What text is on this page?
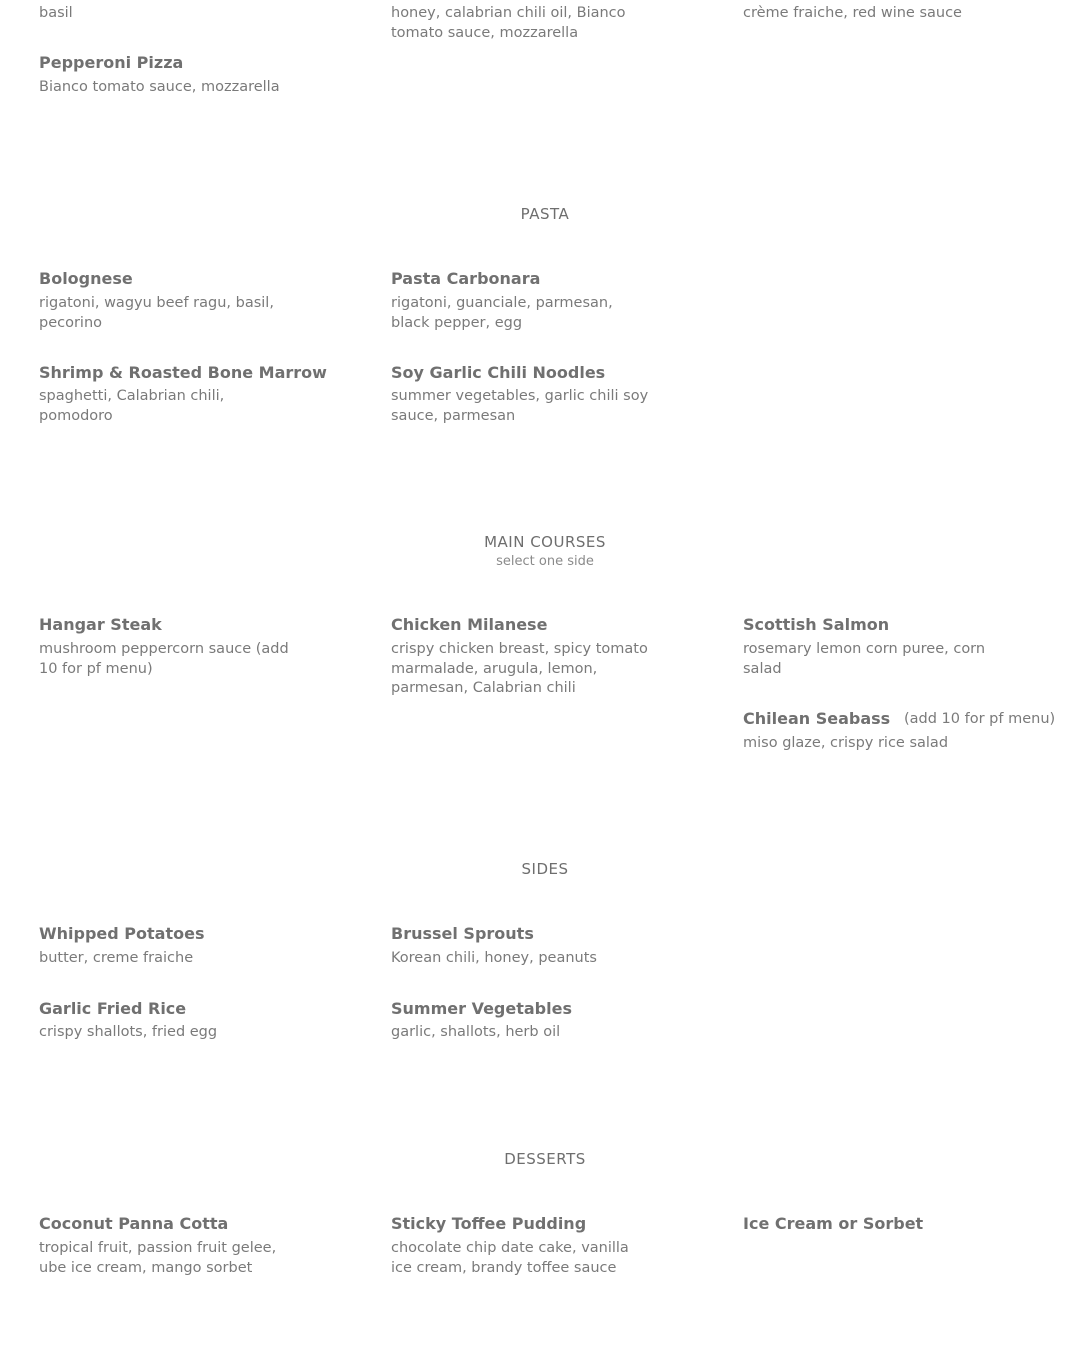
basil	honey, calabrian chili oil, Bianco
tomato sauce, mozzarella
crème fraiche, red wine sauce
Pepperoni Pizza
Bianco tomato sauce, mozzarella
PASTA
Bolognese
rigatoni, wagyu beef ragu, basil, pecorino
Pasta Carbonara
rigatoni, guanciale, parmesan, black pepper, egg
Shrimp & Roasted Bone Marrow
spaghetti, Calabrian chili, pomodoro
Soy Garlic Chili Noodles
summer vegetables, garlic chili soy sauce, parmesan
MAIN COURSES
select one side
Hangar Steak
mushroom peppercorn sauce (add 10 for pf menu)
Chicken Milanese
crispy chicken breast, spicy tomato marmalade, arugula, lemon, parmesan, Calabrian chili
Scottish Salmon
rosemary lemon corn puree, corn salad
Chilean Seabass (add 10 for pf menu)
miso glaze, crispy rice salad
SIDES
Whipped Potatoes
butter, creme fraiche
Brussel Sprouts
Korean chili, honey, peanuts
Garlic Fried Rice
crispy shallots, fried egg
Summer Vegetables
garlic, shallots, herb oil
DESSERTS
Coconut Panna Cotta
tropical fruit, passion fruit gelee, ube ice cream, mango sorbet
Sticky Toffee Pudding
chocolate chip date cake, vanilla ice cream, brandy toffee sauce
Ice Cream or Sorbet
